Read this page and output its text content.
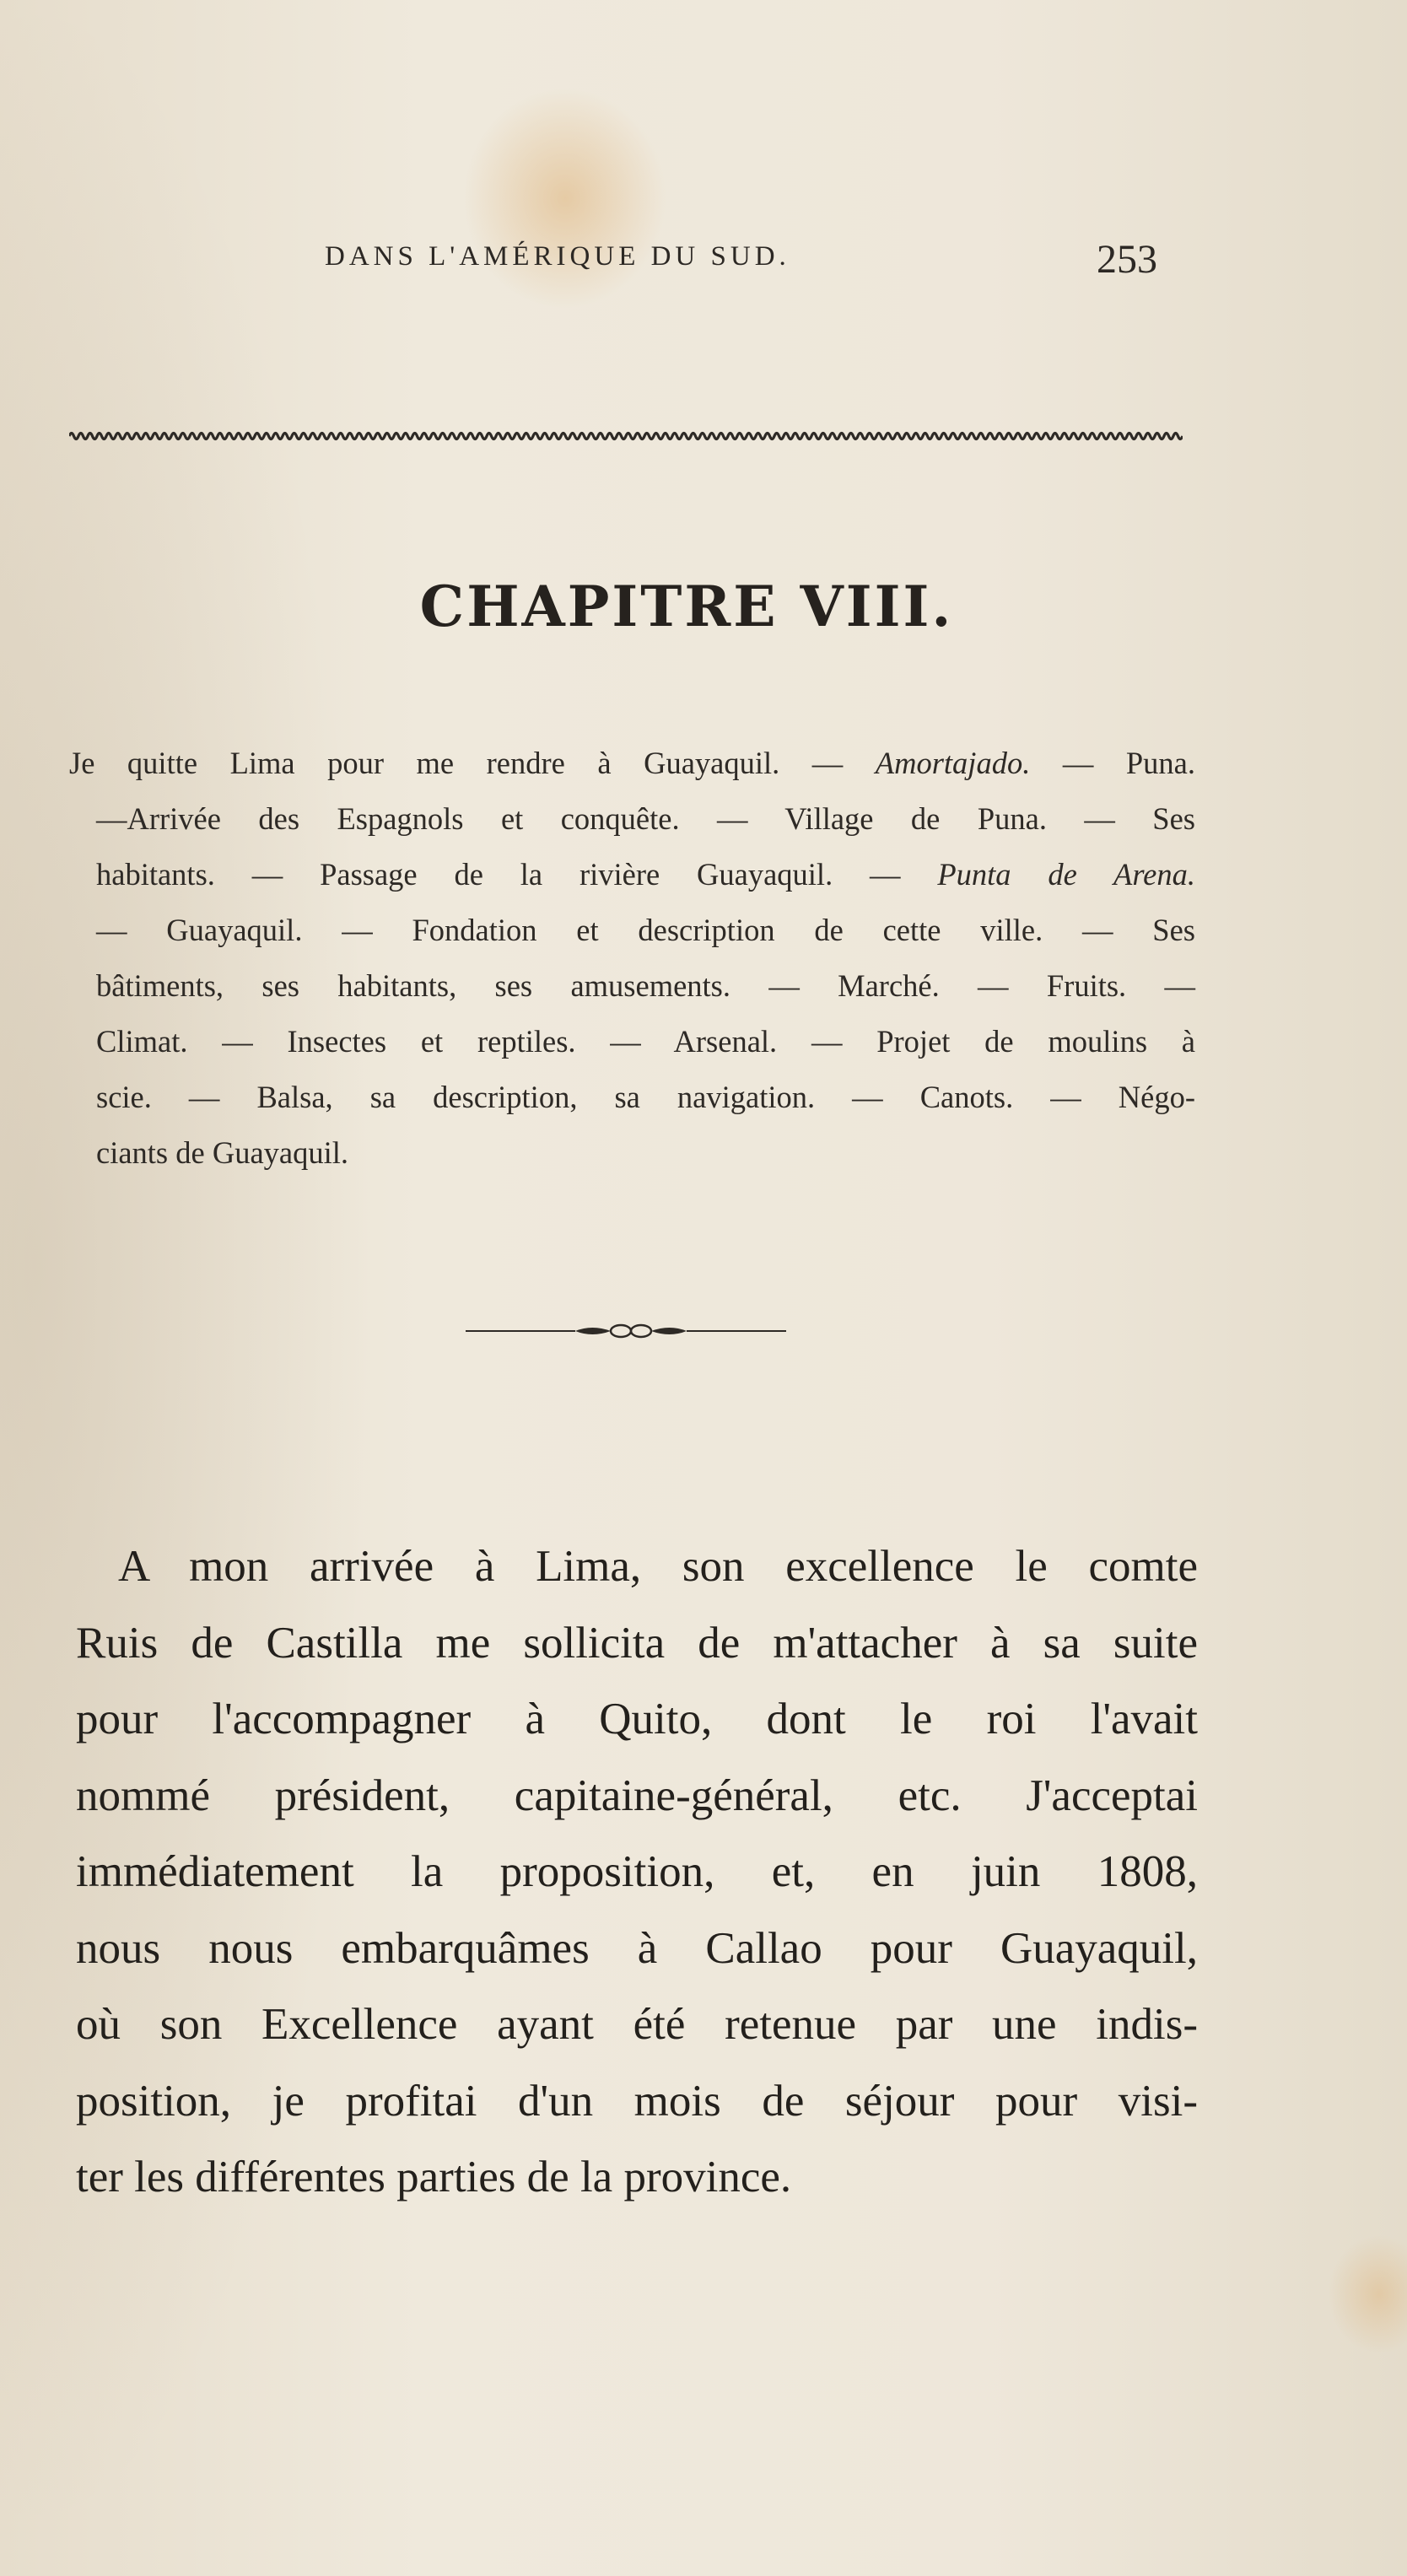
DANS L'AMÉRIQUE DU SUD.	253
CHAPITRE VIII.
Je quitte Lima pour me rendre à Guayaquil. — Amortajado. — Puna.
—Arrivée des Espagnols et conquête. — Village de Puna. — Ses
habitants. — Passage de la rivière Guayaquil. — Punta de Arena.
— Guayaquil. — Fondation et description de cette ville. — Ses
bâtiments, ses habitants, ses amusements. — Marché. — Fruits. —
Climat. — Insectes et reptiles. — Arsenal. — Projet de moulins à
scie. — Balsa, sa description, sa navigation. — Canots. — Négo-
ciants de Guayaquil.
A mon arrivée à Lima, son excellence le comte
Ruis de Castilla me sollicita de m'attacher à sa suite
pour l'accompagner à Quito, dont le roi l'avait
nommé président, capitaine-général, etc. J'acceptai
immédiatement la proposition, et, en juin 1808,
nous nous embarquâmes à Callao pour Guayaquil,
où son Excellence ayant été retenue par une indis-
position, je profitai d'un mois de séjour pour visi-
ter les différentes parties de la province.
